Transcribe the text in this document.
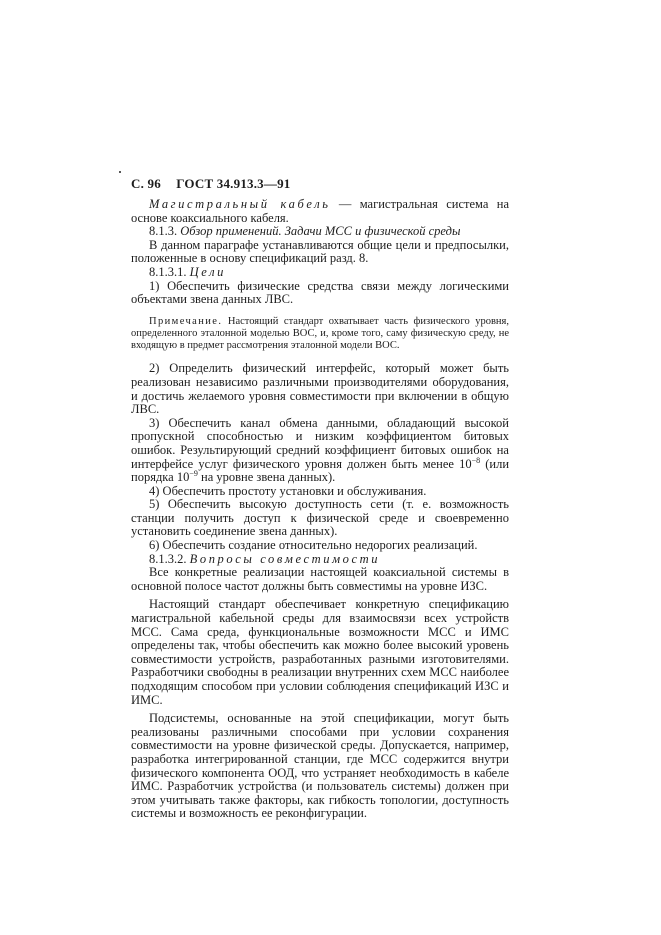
С. 96 ГОСТ 34.913.3—91

Магистральный кабель — магистральная система на основе коаксиального кабеля.

8.1.3. Обзор применений. Задачи МСС и физической среды

В данном параграфе устанавливаются общие цели и предпосылки, положенные в основу спецификаций разд. 8.

8.1.3.1. Цели

1) Обеспечить физические средства связи между логическими объектами звена данных ЛВС.

Примечание. Настоящий стандарт охватывает часть физического уровня, определенного эталонной моделью ВОС, и, кроме того, саму физическую среду, не входящую в предмет рассмотрения эталонной модели ВОС.

2) Определить физический интерфейс, который может быть реализован независимо различными производителями оборудования, и достичь желаемого уровня совместимости при включении в общую ЛВС.

3) Обеспечить канал обмена данными, обладающий высокой пропускной способностью и низким коэффициентом битовых ошибок. Результирующий средний коэффициент битовых ошибок на интерфейсе услуг физического уровня должен быть менее $10^{-8}$ (или порядка $10^{-9}$ на уровне звена данных).

4) Обеспечить простоту установки и обслуживания.

5) Обеспечить высокую доступность сети (т. е. возможность станции получить доступ к физической среде и своевременно установить соединение звена данных).

6) Обеспечить создание относительно недорогих реализаций.

8.1.3.2. Вопросы совместимости

Все конкретные реализации настоящей коаксиальной системы в основной полосе частот должны быть совместимы на уровне ИЗС.

Настоящий стандарт обеспечивает конкретную спецификацию магистральной кабельной среды для взаимосвязи всех устройств МСС. Сама среда, функциональные возможности МСС и ИМС определены так, чтобы обеспечить как можно более высокий уровень совместимости устройств, разработанных разными изготовителями. Разработчики свободны в реализации внутренних схем МСС наиболее подходящим способом при условии соблюдения спецификаций ИЗС и ИМС.

Подсистемы, основанные на этой спецификации, могут быть реализованы различными способами при условии сохранения совместимости на уровне физической среды. Допускается, например, разработка интегрированной станции, где МСС содержится внутри физического компонента ООД, что устраняет необходимость в кабеле ИМС. Разработчик устройства (и пользователь системы) должен при этом учитывать также факторы, как гибкость топологии, доступность системы и возможность ее реконфигурации.
